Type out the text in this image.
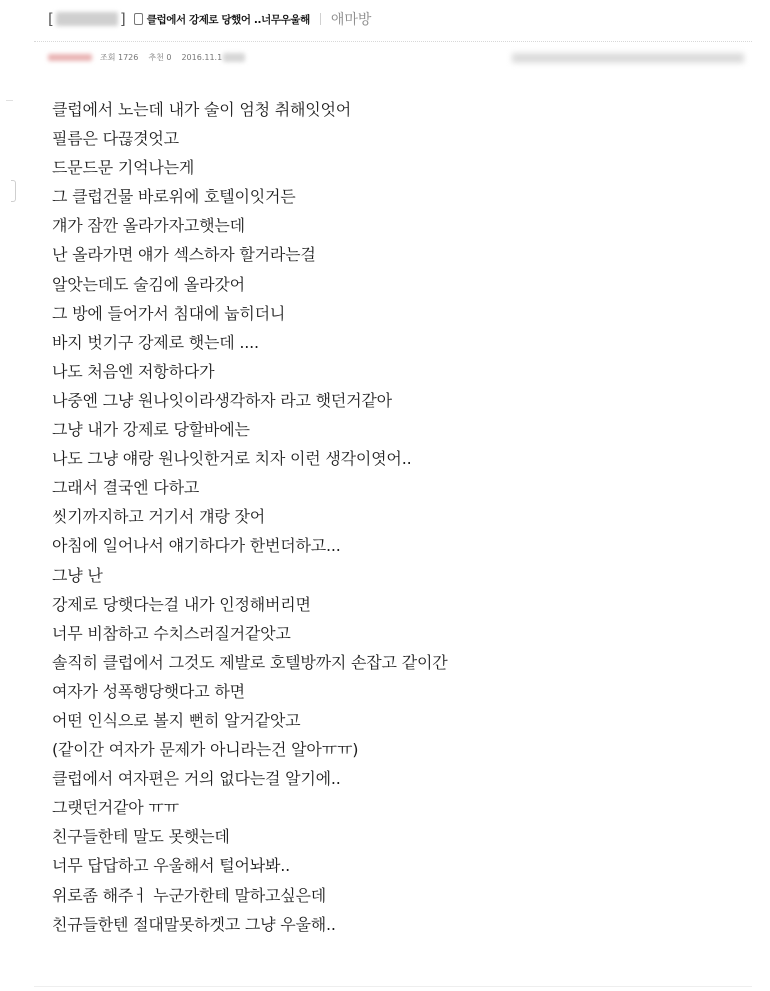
[	] 클럽에서 강제로 당했어 ..너무우울해 애마방
조회 1726 추천 0 2016.11.1
클럽에서 노는데 내가 술이 엄청 취해잇엇어
필름은 다끊겻엇고
드문드문 기억나는게
그 클럽건물 바로위에 호텔이잇거든
걔가 잠깐 올라가자고햇는데
난 올라가면 얘가 섹스하자 할거라는걸
알앗는데도 술김에 올라갓어
그 방에 들어가서 침대에 눕히더니
바지 벗기구 강제로 햇는데 ....
나도 처음엔 저항하다가
나중엔 그냥 원나잇이라생각하자 라고 햇던거같아
그냥 내가 강제로 당할바에는
나도 그냥 얘랑 원나잇한거로 치자 이런 생각이엿어..
그래서 결국엔 다하고
씻기까지하고 거기서 걔랑 잣어
아침에 일어나서 얘기하다가 한번더하고...
그냥 난
강제로 당햇다는걸 내가 인정해버리면
너무 비참하고 수치스러질거같앗고
솔직히 클럽에서 그것도 제발로 호텔방까지 손잡고 같이간
여자가 성폭행당햇다고 하면
어떤 인식으로 볼지 뻔히 알거같앗고
(같이간 여자가 문제가 아니라는건 알아ㅠㅠ)
클럽에서 여자편은 거의 없다는걸 알기에..
그랫던거같아 ㅠㅠ
친구들한테 말도 못햇는데
너무 답답하고 우울해서 털어놔봐..
위로좀 해주ㅓ 누군가한테 말하고싶은데
친규들한텐 절대말못하겟고 그냥 우울해..
